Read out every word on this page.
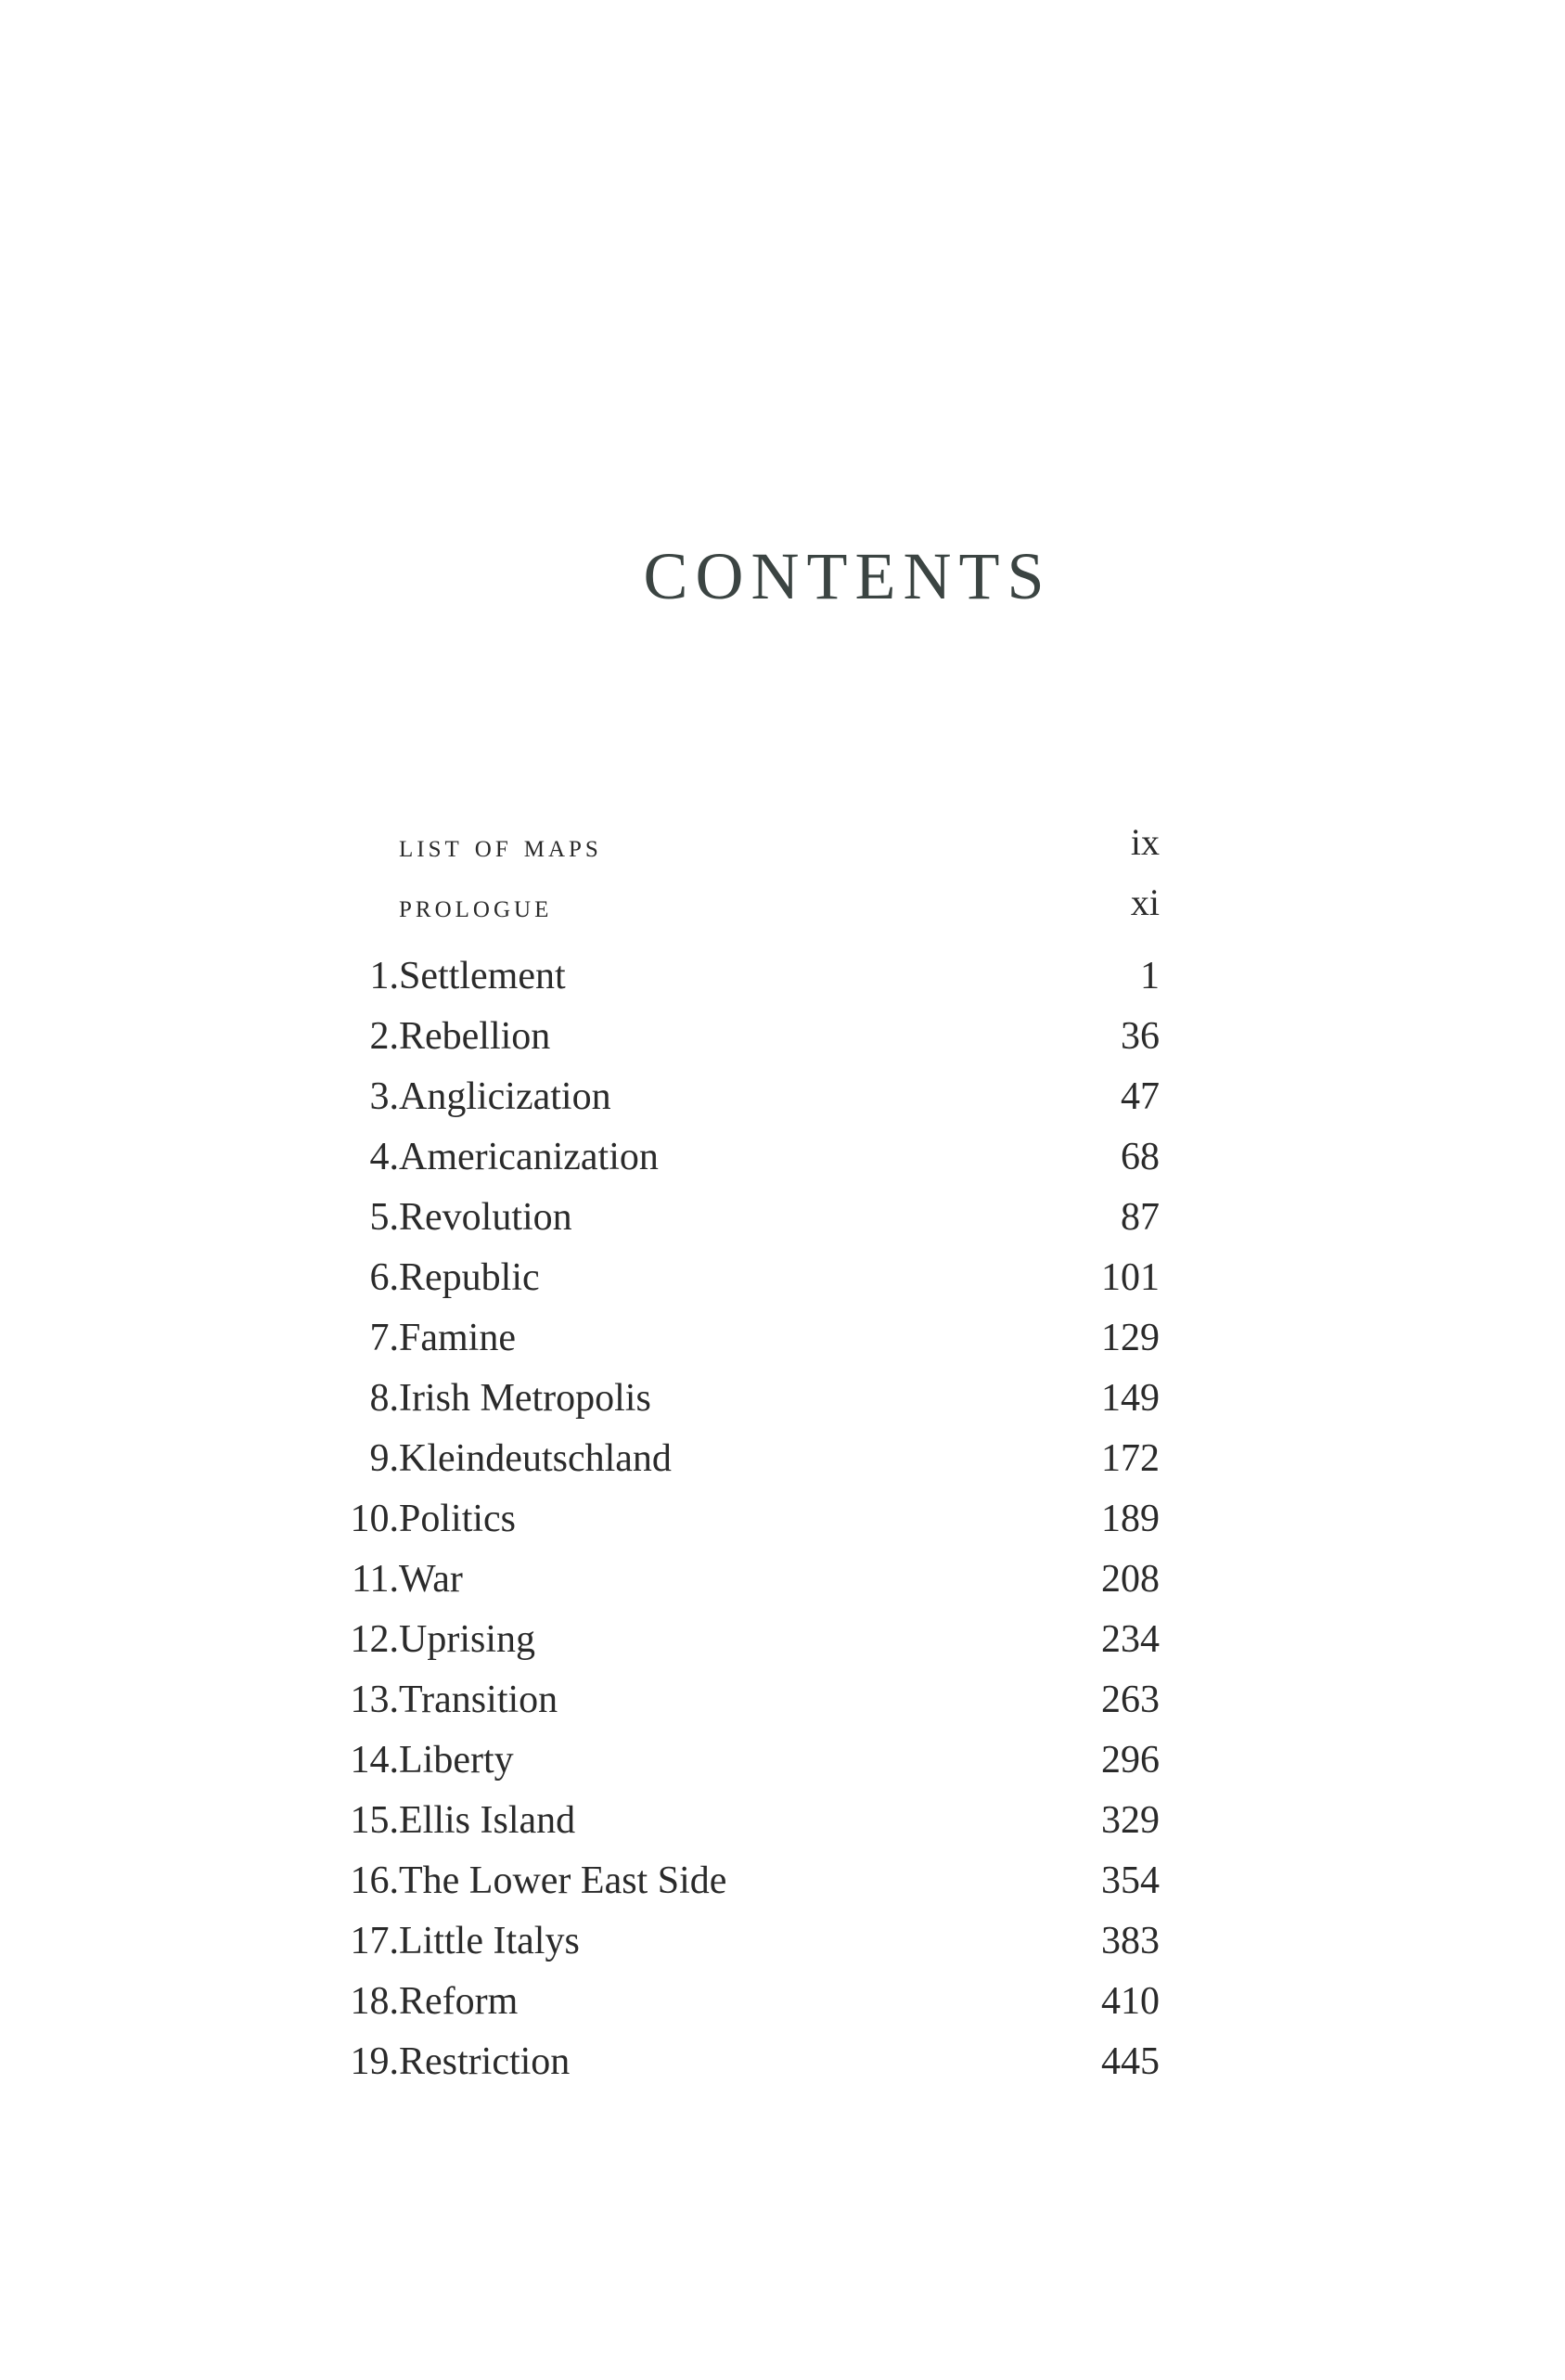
CONTENTS
list of maps	ix
prologue	xi
1. Settlement	1
2. Rebellion	36
3. Anglicization	47
4. Americanization	68
5. Revolution	87
6. Republic	101
7. Famine	129
8. Irish Metropolis	149
9. Kleindeutschland	172
10. Politics	189
11. War	208
12. Uprising	234
13. Transition	263
14. Liberty	296
15. Ellis Island	329
16. The Lower East Side	354
17. Little Italys	383
18. Reform	410
19. Restriction	445
